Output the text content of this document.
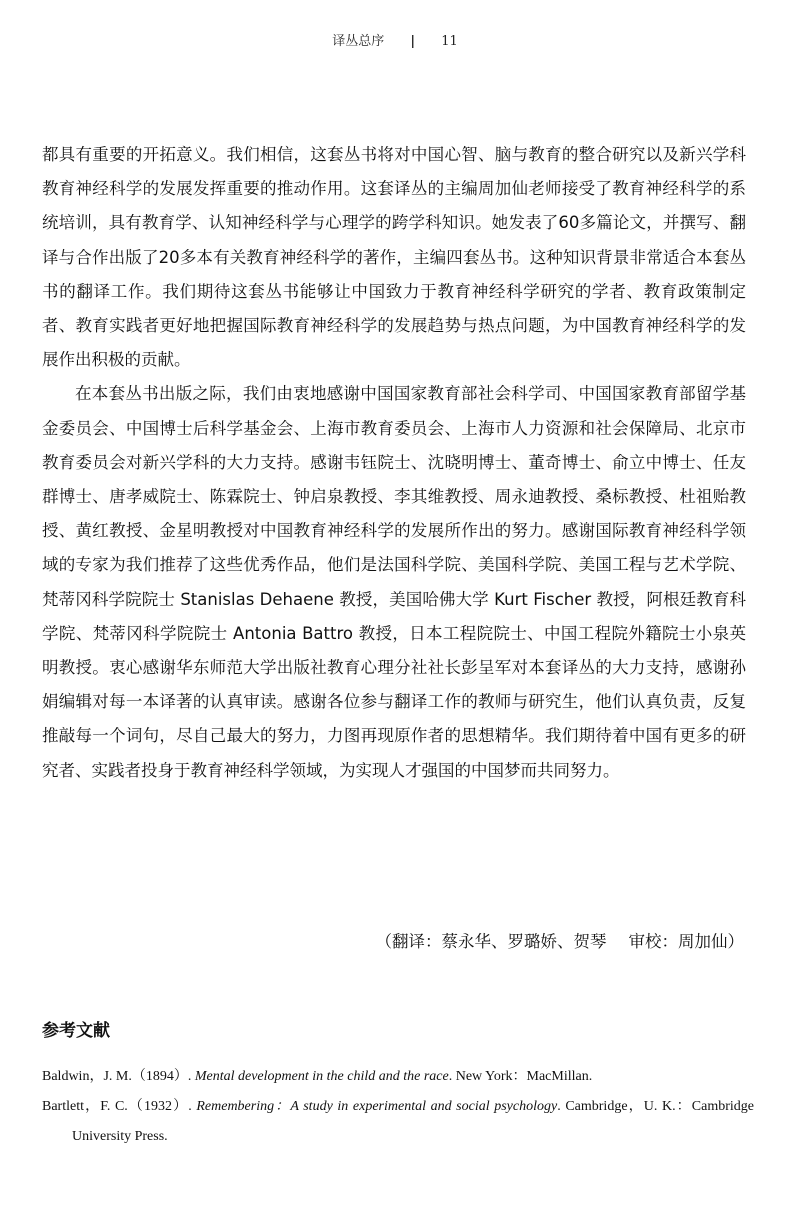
译丛总序 | 11

都具有重要的开拓意义。我们相信，这套丛书将对中国心智、脑与教育的整合研究以及新兴学科教育神经科学的发展发挥重要的推动作用。这套译丛的主编周加仙老师接受了教育神经科学的系统培训，具有教育学、认知神经科学与心理学的跨学科知识。她发表了60多篇论文，并撰写、翻译与合作出版了20多本有关教育神经科学的著作，主编四套丛书。这种知识背景非常适合本套丛书的翻译工作。我们期待这套丛书能够让中国致力于教育神经科学研究的学者、教育政策制定者、教育实践者更好地把握国际教育神经科学的发展趋势与热点问题，为中国教育神经科学的发展作出积极的贡献。

在本套丛书出版之际，我们由衷地感谢中国国家教育部社会科学司、中国国家教育部留学基金委员会、中国博士后科学基金会、上海市教育委员会、上海市人力资源和社会保障局、北京市教育委员会对新兴学科的大力支持。感谢韦钰院士、沈晓明博士、董奇博士、俞立中博士、任友群博士、唐孝威院士、陈霖院士、钟启泉教授、李其维教授、周永迪教授、桑标教授、杜祖贻教授、黄红教授、金星明教授对中国教育神经科学的发展所作出的努力。感谢国际教育神经科学领域的专家为我们推荐了这些优秀作品，他们是法国科学院、美国科学院、美国工程与艺术学院、梵蒂冈科学院院士 Stanislas Dehaene 教授，美国哈佛大学 Kurt Fischer 教授，阿根廷教育科学院、梵蒂冈科学院院士 Antonia Battro 教授，日本工程院院士、中国工程院外籍院士小泉英明教授。衷心感谢华东师范大学出版社教育心理分社社长彭呈军对本套译丛的大力支持，感谢孙娟编辑对每一本译著的认真审读。感谢各位参与翻译工作的教师与研究生，他们认真负责，反复推敲每一个词句，尽自己最大的努力，力图再现原作者的思想精华。我们期待着中国有更多的研究者、实践者投身于教育神经科学领域，为实现人才强国的中国梦而共同努力。

（翻译：蔡永华、罗璐娇、贺琴 审校：周加仙）
参考文献

Baldwin，J. M.（1894）. Mental development in the child and the race. New York：MacMillan.

Bartlett，F. C.（1932）. Remembering：A study in experimental and social psychology. Cambridge，U. K.：Cambridge University Press.
